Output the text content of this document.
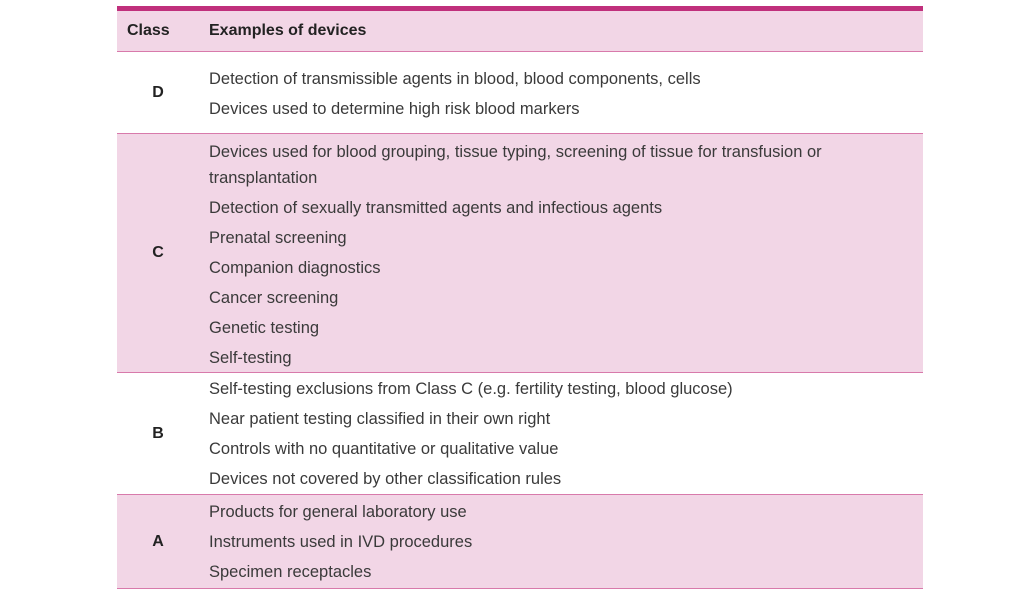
Class	Examples of devices
D
Detection of transmissible agents in blood, blood components, cells
Devices used to determine high risk blood markers
C
Devices used for blood grouping, tissue typing, screening of tissue for transfusion or transplantation
Detection of sexually transmitted agents and infectious agents
Prenatal screening
Companion diagnostics
Cancer screening
Genetic testing
Self-testing
B
Self-testing exclusions from Class C (e.g. fertility testing, blood glucose)
Near patient testing classified in their own right
Controls with no quantitative or qualitative value
Devices not covered by other classification rules
A
Products for general laboratory use
Instruments used in IVD procedures
Specimen receptacles
